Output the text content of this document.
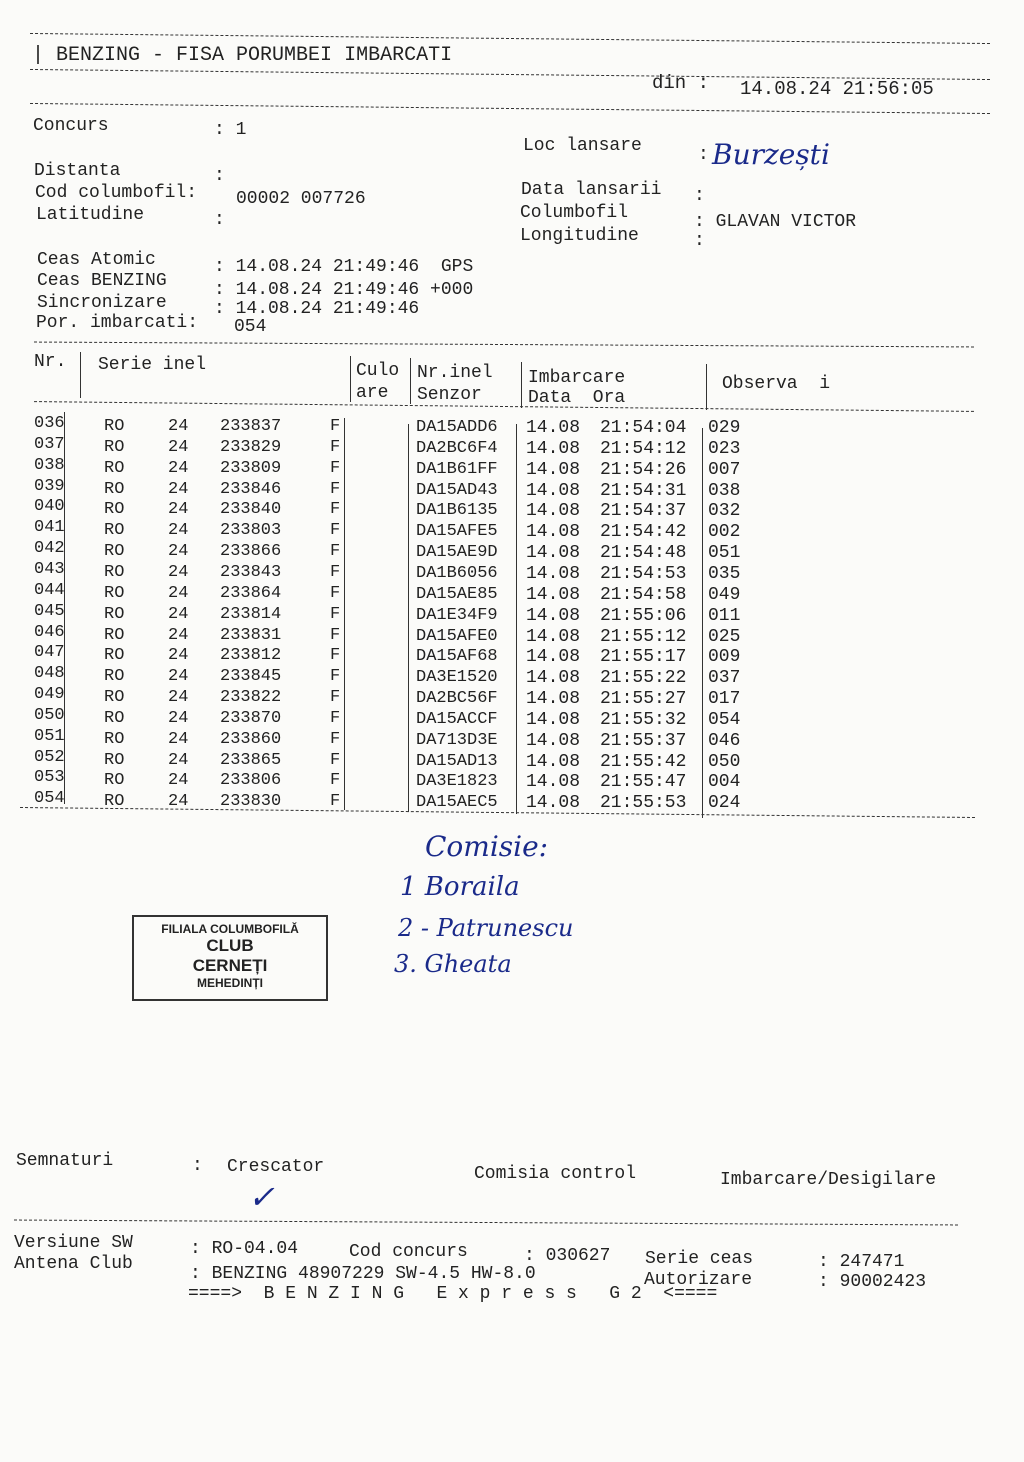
| BENZING - FISA PORUMBEI IMBARCATI
din : 14.08.24 21:56:05
Concurs	: 1
Distanta	:
Cod columbofil: 00002 007726
Latitudine	:
Loc lansare	: Burzești
Data lansarii :
Columbofil	: GLAVAN VICTOR
Longitudine	:
Ceas Atomic	: 14.08.24 21:49:46  GPS
Ceas BENZING	: 14.08.24 21:49:46 +000
Sincronizare	: 14.08.24 21:49:46
Por. imbarcati: 054
Nr. Serie inel	Culo
are
Nr.inel
Senzor
Imbarcare
Data  Ora
Observa  i
036 RO	24 233837	F	DA15ADD6 14.08 21:54:04 029
037 RO	24 233829	F	DA2BC6F4 14.08 21:54:12 023
038 RO	24 233809	F	DA1B61FF 14.08 21:54:26 007
039 RO	24 233846	F	DA15AD43 14.08 21:54:31 038
040 RO	24 233840	F	DA1B6135 14.08 21:54:37 032
041 RO	24 233803	F	DA15AFE5 14.08 21:54:42 002
042 RO	24 233866	F	DA15AE9D 14.08 21:54:48 051
043 RO	24 233843	F	DA1B6056 14.08 21:54:53 035
044 RO	24 233864	F	DA15AE85 14.08 21:54:58 049
045 RO	24 233814	F	DA1E34F9 14.08 21:55:06 011
046 RO	24 233831	F	DA15AFE0 14.08 21:55:12 025
047 RO	24 233812	F	DA15AF68 14.08 21:55:17 009
048 RO	24 233845	F	DA3E1520 14.08 21:55:22 037
049 RO	24 233822	F	DA2BC56F 14.08 21:55:27 017
050 RO	24 233870	F	DA15ACCF 14.08 21:55:32 054
051 RO	24 233860	F	DA713D3E 14.08 21:55:37 046
052 RO	24 233865	F	DA15AD13 14.08 21:55:42 050
053 RO	24 233806	F	DA3E1823 14.08 21:55:47 004
054 RO	24 233830	F	DA15AEC5 14.08 21:55:53 024
Comisie:
1 Boraila
2 - Patrunescu
3. Gheata
FILIALA COLUMBOFILĂ
CLUB
CERNEȚI
MEHEDINȚI
Semnaturi	: Crescator
✓
Comisia control	Imbarcare/Desigilare
Versiune SW	: RO-04.04	Cod concurs	: 030627 Serie ceas	: 247471
Antena Club	: BENZING 48907229 SW-4.5 HW-8.0	Autorizare	: 90002423
====>  B E N Z I N G   E x p r e s s   G 2  <====
